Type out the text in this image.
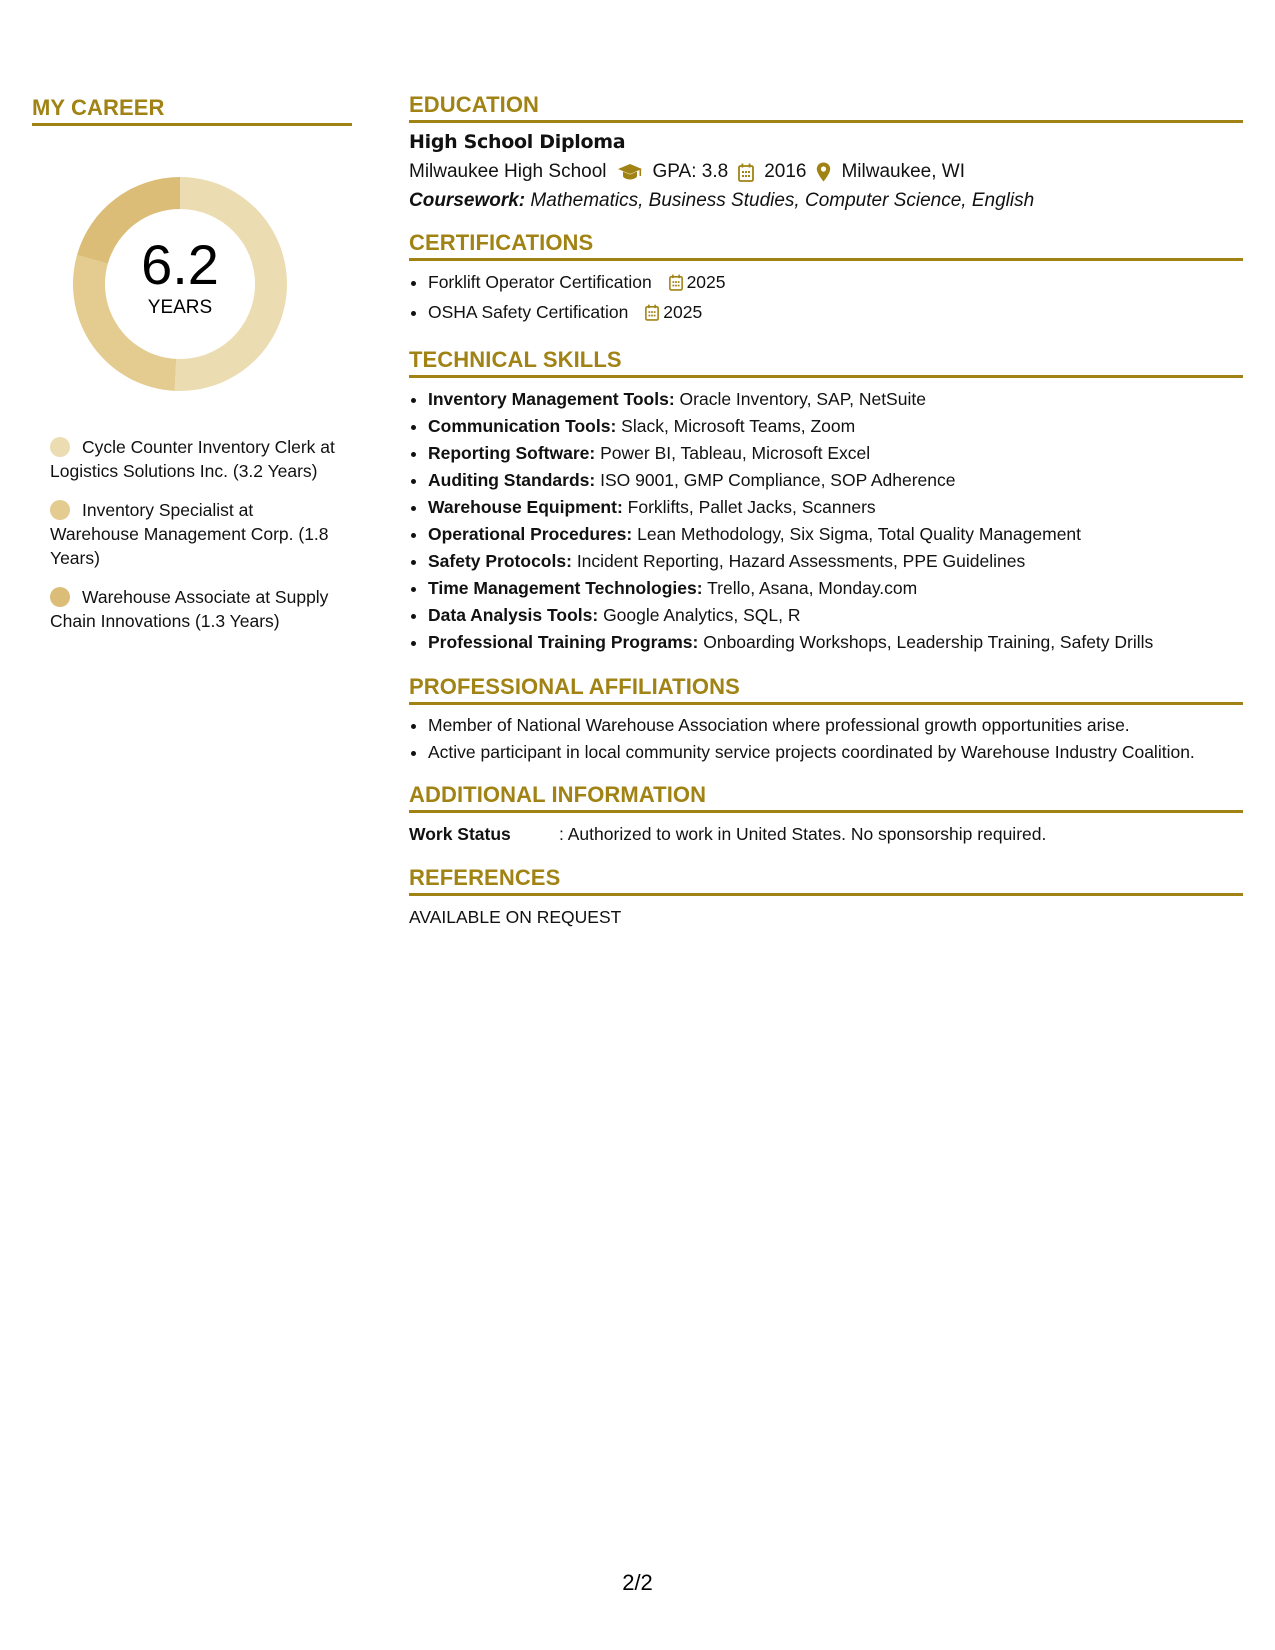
MY CAREER
6.2
YEARS
Cycle Counter Inventory Clerk at Logistics Solutions Inc. (3.2 Years)
Inventory Specialist at Warehouse Management Corp. (1.8 Years)
Warehouse Associate at Supply Chain Innovations (1.3 Years)
EDUCATION
High School Diploma
Milwaukee High School GPA: 3.8 2016 Milwaukee, WI
Coursework: Mathematics, Business Studies, Computer Science, English
CERTIFICATIONS
• Forklift Operator Certification 2025
• OSHA Safety Certification 2025
TECHNICAL SKILLS
• Inventory Management Tools: Oracle Inventory, SAP, NetSuite
• Communication Tools: Slack, Microsoft Teams, Zoom
• Reporting Software: Power BI, Tableau, Microsoft Excel
• Auditing Standards: ISO 9001, GMP Compliance, SOP Adherence
• Warehouse Equipment: Forklifts, Pallet Jacks, Scanners
• Operational Procedures: Lean Methodology, Six Sigma, Total Quality Management
• Safety Protocols: Incident Reporting, Hazard Assessments, PPE Guidelines
• Time Management Technologies: Trello, Asana, Monday.com
• Data Analysis Tools: Google Analytics, SQL, R
• Professional Training Programs: Onboarding Workshops, Leadership Training, Safety Drills
PROFESSIONAL AFFILIATIONS
• Member of National Warehouse Association where professional growth opportunities arise.
• Active participant in local community service projects coordinated by Warehouse Industry Coalition.
ADDITIONAL INFORMATION
Work Status	: Authorized to work in United States. No sponsorship required.
REFERENCES
AVAILABLE ON REQUEST
2/2
